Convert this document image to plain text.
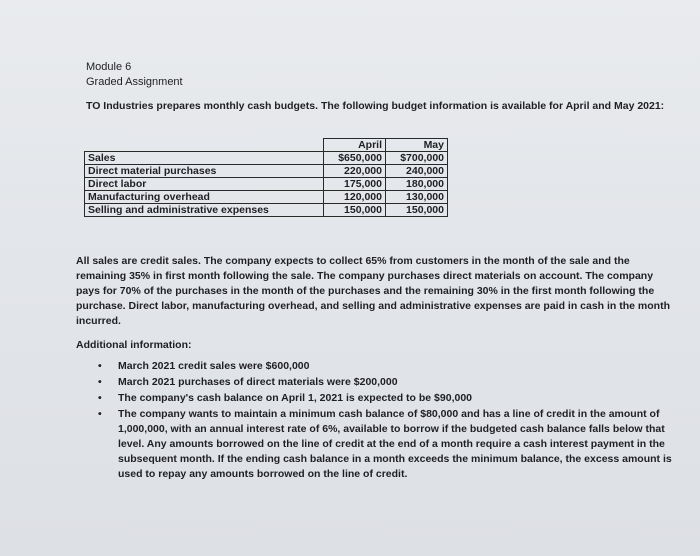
Module 6
Graded Assignment
TO Industries prepares monthly cash budgets. The following budget information is available for April and May 2021:
	April	May
Sales	$650,000	$700,000
Direct material purchases	220,000	240,000
Direct labor	175,000	180,000
Manufacturing overhead	120,000	130,000
Selling and administrative expenses	150,000	150,000
All sales are credit sales. The company expects to collect 65% from customers in the month of the sale and the remaining 35% in first month following the sale. The company purchases direct materials on account. The company pays for 70% of the purchases in the month of the purchases and the remaining 30% in the first month following the purchase. Direct labor, manufacturing overhead, and selling and administrative expenses are paid in cash in the month incurred.
Additional information:
• March 2021 credit sales were $600,000
• March 2021 purchases of direct materials were $200,000
• The company's cash balance on April 1, 2021 is expected to be $90,000
• The company wants to maintain a minimum cash balance of $80,000 and has a line of credit in the amount of 1,000,000, with an annual interest rate of 6%, available to borrow if the budgeted cash balance falls below that level. Any amounts borrowed on the line of credit at the end of a month require a cash interest payment in the subsequent month. If the ending cash balance in a month exceeds the minimum balance, the excess amount is used to repay any amounts borrowed on the line of credit.
